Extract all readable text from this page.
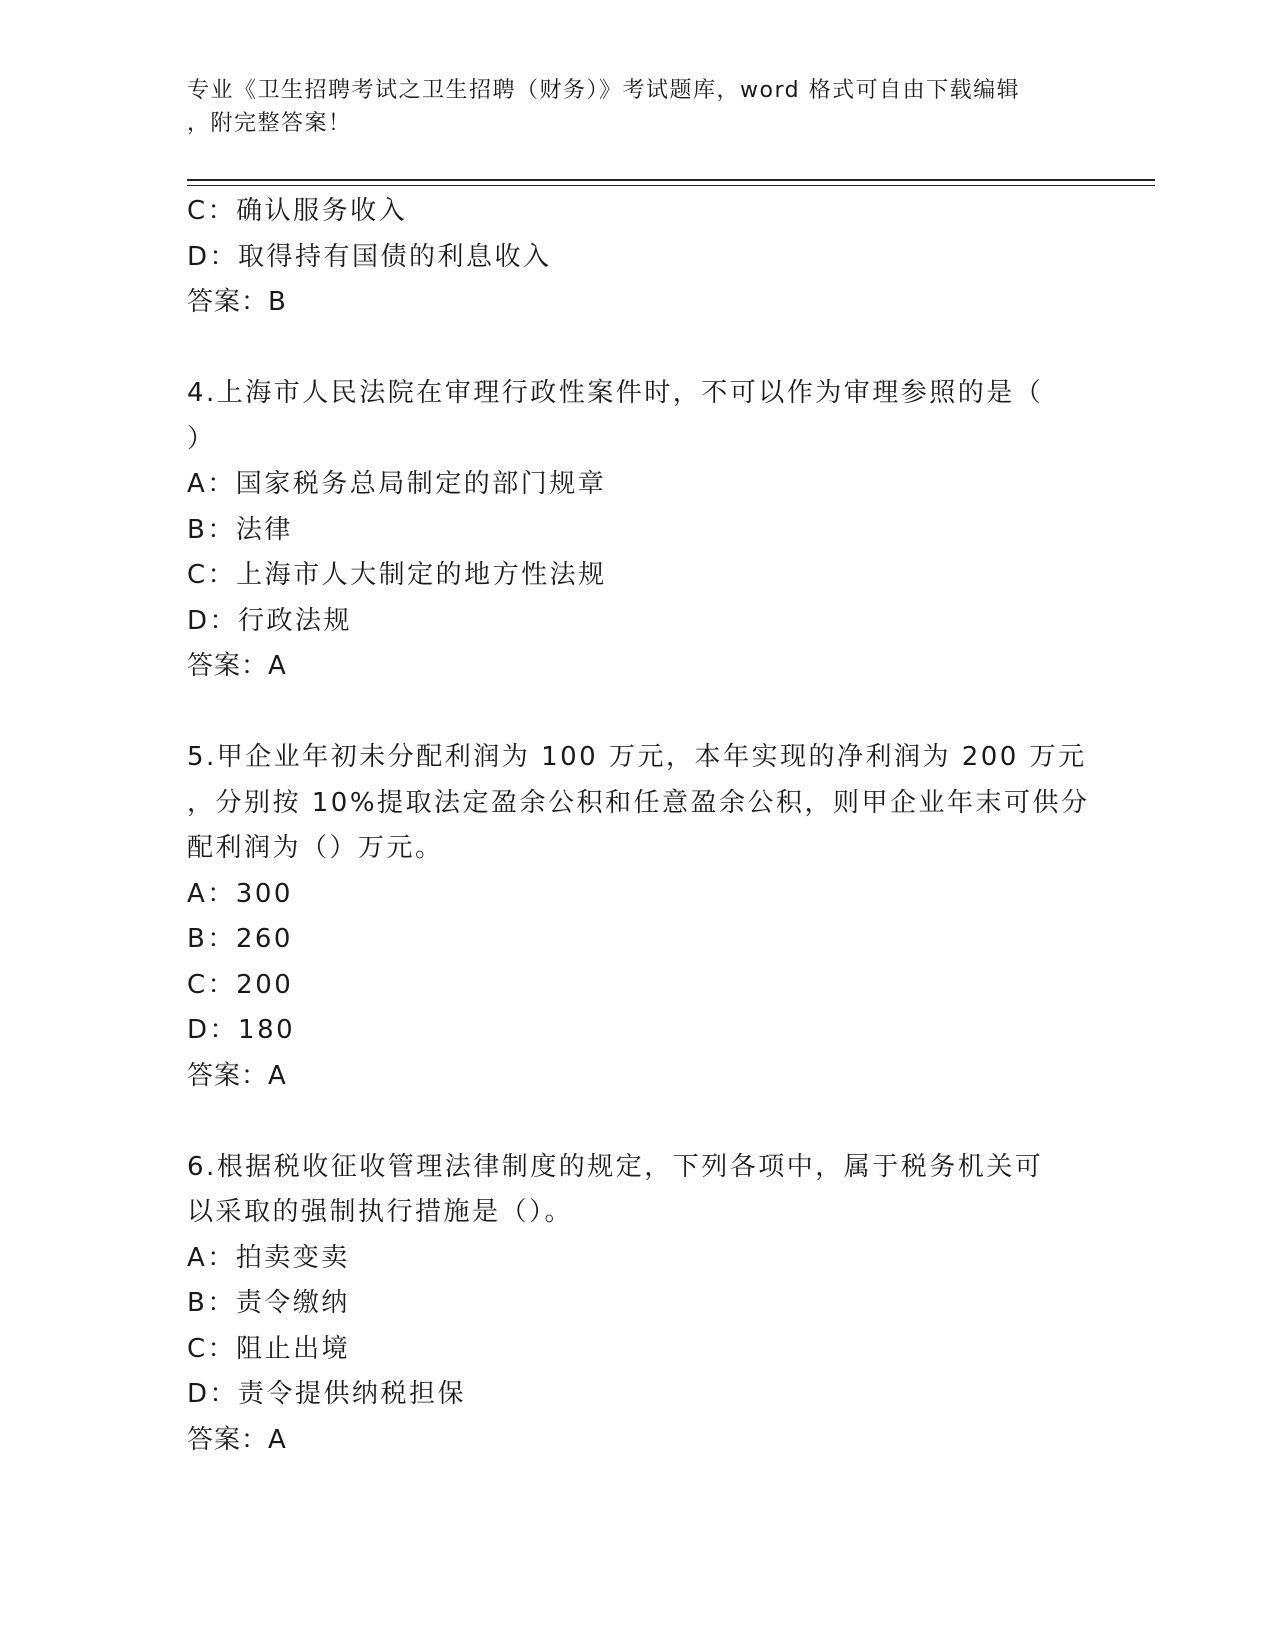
专业《卫生招聘考试之卫生招聘（财务）》考试题库，word 格式可自由下载编辑
，附完整答案！
C：确认服务收入
D：取得持有国债的利息收入
答案：B
4.上海市人民法院在审理行政性案件时，不可以作为审理参照的是（
）
A：国家税务总局制定的部门规章
B：法律
C：上海市人大制定的地方性法规
D：行政法规
答案：A
5.甲企业年初未分配利润为 100 万元，本年实现的净利润为 200 万元
，分别按 10%提取法定盈余公积和任意盈余公积，则甲企业年末可供分
配利润为（）万元。
A：300
B：260
C：200
D：180
答案：A
6.根据税收征收管理法律制度的规定，下列各项中，属于税务机关可
以采取的强制执行措施是（）。
A：拍卖变卖
B：责令缴纳
C：阻止出境
D：责令提供纳税担保
答案：A
